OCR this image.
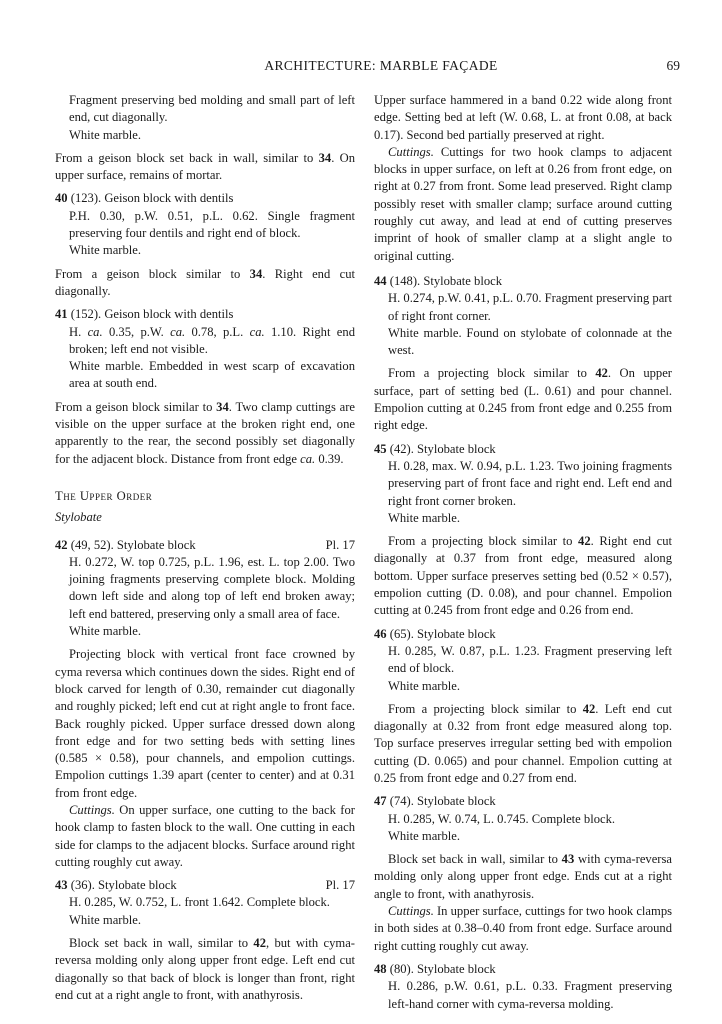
ARCHITECTURE: MARBLE FAÇADE	69

Fragment preserving bed molding and small part of left end, cut diagonally.

White marble.

From a geison block set back in wall, similar to 34. On upper surface, remains of mortar.

40 (123). Geison block with dentils

P.H. 0.30, p.W. 0.51, p.L. 0.62. Single fragment preserving four dentils and right end of block.

White marble.

From a geison block similar to 34. Right end cut diagonally.

41 (152). Geison block with dentils

H. ca. 0.35, p.W. ca. 0.78, p.L. ca. 1.10. Right end broken; left end not visible.

White marble. Embedded in west scarp of excavation area at south end.

From a geison block similar to 34. Two clamp cuttings are visible on the upper surface at the broken right end, one apparently to the rear, the second possibly set diagonally for the adjacent block. Distance from front edge ca. 0.39.

The Upper Order

Stylobate

42 (49, 52). Stylobate block	Pl. 17

H. 0.272, W. top 0.725, p.L. 1.96, est. L. top 2.00. Two joining fragments preserving complete block. Molding down left side and along top of left end broken away; left end battered, preserving only a small area of face.

White marble.

Projecting block with vertical front face crowned by cyma reversa which continues down the sides. Right end of block carved for length of 0.30, remainder cut diagonally and roughly picked; left end cut at right angle to front face. Back roughly picked. Upper surface dressed down along front edge and for two setting beds with setting lines (0.585 × 0.58), pour channels, and empolion cuttings. Empolion cuttings 1.39 apart (center to center) and at 0.31 from front edge.

Cuttings. On upper surface, one cutting to the back for hook clamp to fasten block to the wall. One cutting in each side for clamps to the adjacent blocks. Surface around right cutting roughly cut away.

43 (36). Stylobate block	Pl. 17

H. 0.285, W. 0.752, L. front 1.642. Complete block.

White marble.

Block set back in wall, similar to 42, but with cyma-reversa molding only along upper front edge. Left end cut diagonally so that back of block is longer than front, right end cut at a right angle to front, with anathyrosis.

Upper surface hammered in a band 0.22 wide along front edge. Setting bed at left (W. 0.68, L. at front 0.08, at back 0.17). Second bed partially preserved at right.

Cuttings. Cuttings for two hook clamps to adjacent blocks in upper surface, on left at 0.26 from front edge, on right at 0.27 from front. Some lead preserved. Right clamp possibly reset with smaller clamp; surface around cutting roughly cut away, and lead at end of cutting preserves imprint of hook of smaller clamp at a slight angle to original cutting.

44 (148). Stylobate block

H. 0.274, p.W. 0.41, p.L. 0.70. Fragment preserving part of right front corner.

White marble. Found on stylobate of colonnade at the west.

From a projecting block similar to 42. On upper surface, part of setting bed (L. 0.61) and pour channel. Empolion cutting at 0.245 from front edge and 0.255 from right edge.

45 (42). Stylobate block

H. 0.28, max. W. 0.94, p.L. 1.23. Two joining fragments preserving part of front face and right end. Left end and right front corner broken.

White marble.

From a projecting block similar to 42. Right end cut diagonally at 0.37 from front edge, measured along bottom. Upper surface preserves setting bed (0.52 × 0.57), empolion cutting (D. 0.08), and pour channel. Empolion cutting at 0.245 from front edge and 0.26 from end.

46 (65). Stylobate block

H. 0.285, W. 0.87, p.L. 1.23. Fragment preserving left end of block.

White marble.

From a projecting block similar to 42. Left end cut diagonally at 0.32 from front edge measured along top. Top surface preserves irregular setting bed with empolion cutting (D. 0.065) and pour channel. Empolion cutting at 0.25 from front edge and 0.27 from end.

47 (74). Stylobate block

H. 0.285, W. 0.74, L. 0.745. Complete block.

White marble.

Block set back in wall, similar to 43 with cyma-reversa molding only along upper front edge. Ends cut at a right angle to front, with anathyrosis.

Cuttings. In upper surface, cuttings for two hook clamps in both sides at 0.38–0.40 from front edge. Surface around right cutting roughly cut away.

48 (80). Stylobate block

H. 0.286, p.W. 0.61, p.L. 0.33. Fragment preserving left-hand corner with cyma-reversa molding.
